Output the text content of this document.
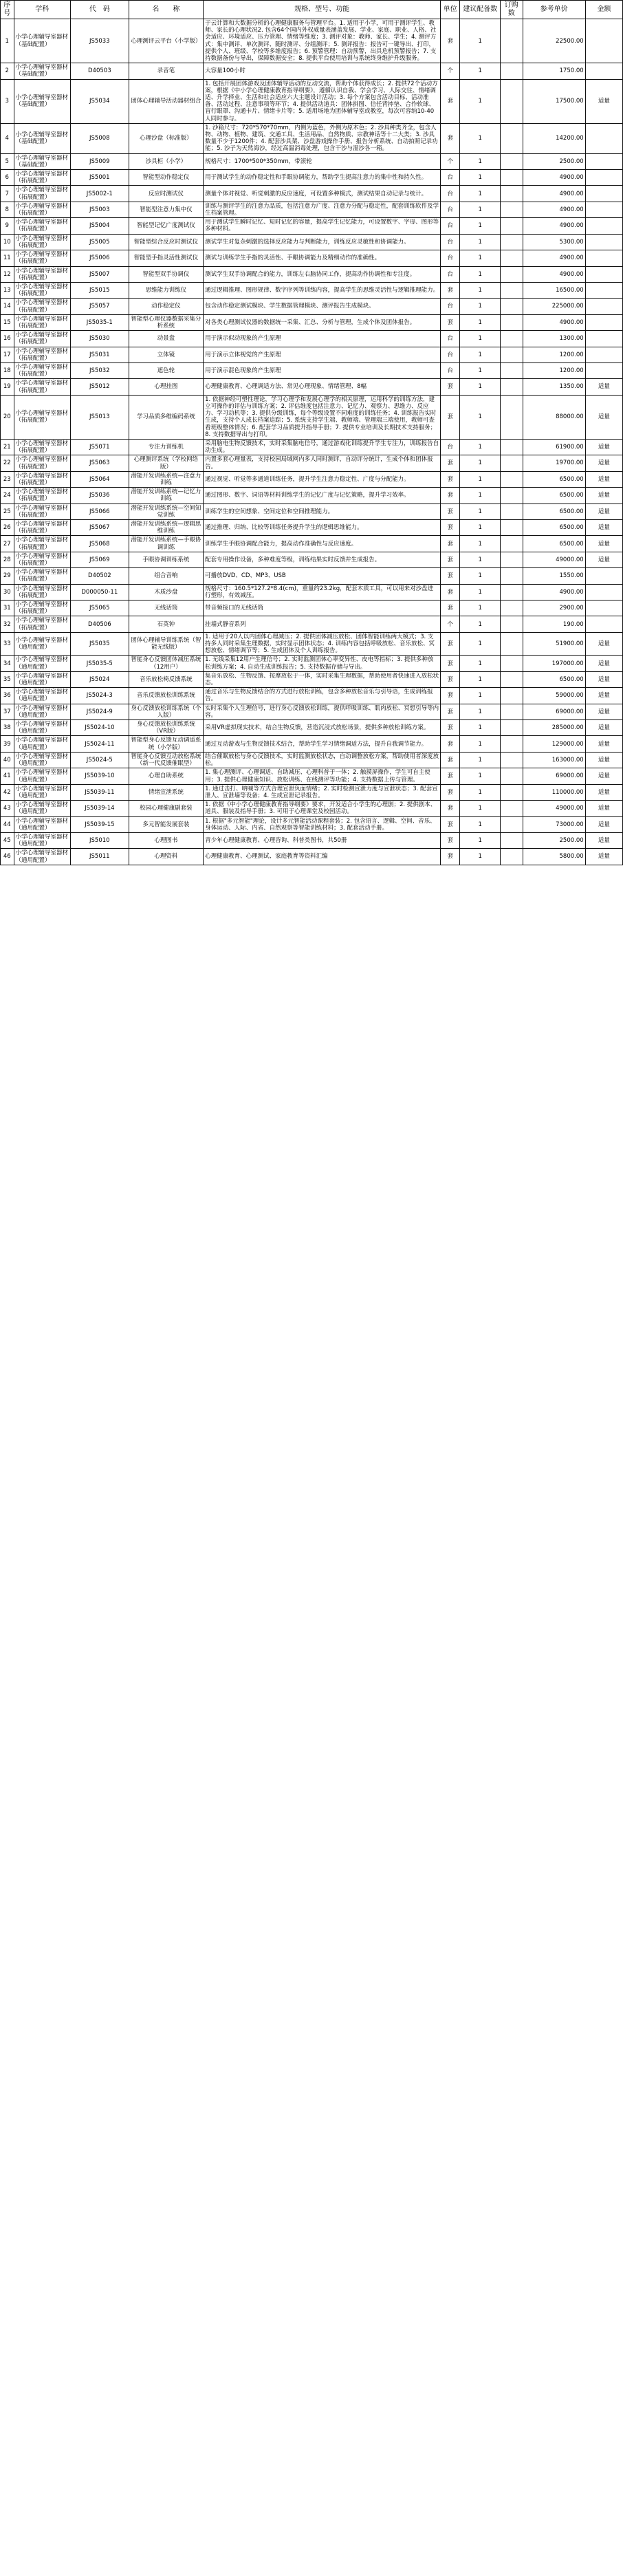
序号	学科	代　码	名　　称	规格、型号、功能	单位	建议配备数	订购数	参考单价	金额
1	小学心理辅导室器材（基础配置）	JS5033	心理测评云平台（小学版）	于云计算和大数据分析的心理健康服务与管理平台。1. 适用于小学，可用于测评学生、教师、家长的心理状况2. 包含64个国内外权威量表涵盖发展、学业、家庭、职业、人格、社会适应、环境适应、压力管理、情绪等维度；3. 测评对象：教师、家长、学生；4. 测评方式：集中测评、单次测评、随时测评、分组测评；5. 测评报告：报告可一键导出、打印，提供个人、班级、学校等多维度报告；6. 预警管理：自动预警，出具危机预警报告；7. 支持数据备份与导出，保障数据安全；8. 提供平台使用培训与系统终身维护升级服务。	套	1		22500.00	
2	小学心理辅导室器材（基础配置）	D40503	录音笔	大容量100小时	个	1		1750.00	
3	小学心理辅导室器材（基础配置）	JS5034	团体心理辅导活动器材组合	1. 包括开展团体游戏及团体辅导活动的互动交流，帮助个体获得成长；2. 提供72个活动方案，根据《中小学心理健康教育指导纲要》，遵循认识自我、学会学习、人际交往、情绪调适、升学择业、生活和社会适应六大主题设计活动；3. 每个方案包含活动目标、活动准备、活动过程、注意事项等环节；4. 提供活动道具：团体拼图、信任背摔垫、合作软球、盲行眼罩、沟通卡片、情绪卡片等；5. 适用场地为团体辅导室或教室，每次可容纳10-40人同时参与。	套	1		17500.00	适量
4	小学心理辅导室器材（基础配置）	JS5008	心理沙盘（标准版）	1. 沙箱尺寸：720*570*70mm，内侧为蓝色，外侧为原木色；2. 沙具种类齐全，包含人物、动物、植物、建筑、交通工具、生活用品、自然物质、宗教神话等十二大类；3. 沙具数量不少于1200件；4. 配套沙具架、沙盘游戏操作手册、报告分析系统、自动拍照记录功能；5. 沙子为天然海沙，经过高温消毒处理，包含干沙与湿沙各一箱。	套	1		14200.00	
5	小学心理辅导室器材（基础配置）	JS5009	沙具柜（小学）	规格尺寸：1700*500*350mm，带滚轮	个	1		2500.00	
6	小学心理辅导室器材（拓展配置）	JS5001	智能型动作稳定仪	用于测试学生的动作稳定性和手眼协调能力，帮助学生提高注意力的集中性和持久性。	台	1		4900.00	
7	小学心理辅导室器材（拓展配置）	JS5002-1	反应时测试仪	测量个体对视觉、听觉刺激的反应速度，可设置多种模式，测试结果自动记录与统计。	台	1		4900.00	
8	小学心理辅导室器材（拓展配置）	JS5003	智能型注意力集中仪	训练与测评学生的注意力品质，包括注意力广度、注意力分配与稳定性，配套训练软件及学生档案管理。	台	1		4900.00	
9	小学心理辅导室器材（拓展配置）	JS5004	智能型记忆广度测试仪	用于测试学生瞬时记忆、短时记忆的容量，提高学生记忆能力，可设置数字、字母、图形等多种材料。	台	1		4900.00	
10	小学心理辅导室器材（拓展配置）	JS5005	智能型综合反应时测试仪	测试学生对复杂刺激的选择反应能力与判断能力，训练反应灵敏性和协调能力。	台	1		5300.00	
11	小学心理辅导室器材（拓展配置）	JS5006	智能型手指灵活性测试仪	测试与训练学生手指的灵活性、手眼协调能力及精细动作的准确性。	台	1		4900.00	
12	小学心理辅导室器材（拓展配置）	JS5007	智能型双手协调仪	测试学生双手协调配合的能力，训练左右脑协同工作，提高动作协调性和专注度。	台	1		4900.00	
13	小学心理辅导室器材（拓展配置）	JS5015	思维能力训练仪	通过逻辑推理、图形规律、数字序列等训练内容，提高学生的思维灵活性与逻辑推理能力。	套	1		16500.00	
14	小学心理辅导室器材（拓展配置）	JS5057	动作稳定仪	包含动作稳定测试模块、学生数据管理模块、测评报告生成模块。	台	1		225000.00	
15	小学心理辅导室器材（拓展配置）	JS5035-1	智能型心理仪器数据采集分析系统	对各类心理测试仪器的数据统一采集、汇总、分析与管理，生成个体及团体报告。	套	1		4900.00	
16	小学心理辅导室器材（拓展配置）	JS5030	动景盘	用于演示似动现象的产生原理	台	1		1300.00	
17	小学心理辅导室器材（拓展配置）	JS5031	立体镜	用于演示立体视觉的产生原理	台	1		1200.00	
18	小学心理辅导室器材（拓展配置）	JS5032	遮色轮	用于演示混色现象的产生原理	台	1		1200.00	
19	小学心理辅导室器材（拓展配置）	JS5012	心理挂图	心理健康教育、心理调适方法、常见心理现象、情绪管理、8幅	套	1		1350.00	适量
20	小学心理辅导室器材（拓展配置）	JS5013	学习品质多维编码系统	1. 依据神经可塑性理论，学习心理学和发展心理学的相关原理，运用科学的训练方法，建立可操作的评估与训练方案；2. 评估维度包括注意力、记忆力、观察力、思维力、反应力、学习动机等；3. 提供分级训练，每个等级设置不同难度的训练任务；4. 训练报告实时生成，支持个人成长档案追踪；5. 系统支持学生端、教师端、管理端三端使用，教师可查看班级整体情况；6. 配套学习品质提升指导手册；7. 提供专业培训及长期技术支持服务；8. 支持数据导出与打印。	套	1		88000.00	适量
21	小学心理辅导室器材（拓展配置）	JS5071	专注力训练机	采用脑电生物反馈技术，实时采集脑电信号，通过游戏化训练提升学生专注力，训练报告自动生成。	台	1		61900.00	适量
22	小学心理辅导室器材（拓展配置）	JS5063	心理测评系统（学校网络版）	内置多套心理量表，支持校园局域网内多人同时测评，自动评分统计，生成个体和团体报告。	套	1		19700.00	适量
23	小学心理辅导室器材（拓展配置）	JS5064	潜能开发训练系统—注意力训练	通过视觉、听觉等多通道训练任务，提升学生注意力稳定性、广度与分配能力。	套	1		6500.00	适量
24	小学心理辅导室器材（拓展配置）	JS5036	潜能开发训练系统—记忆力训练	通过图形、数字、词语等材料训练学生的记忆广度与记忆策略，提升学习效率。	套	1		6500.00	适量
25	小学心理辅导室器材（拓展配置）	JS5066	潜能开发训练系统—空间知觉训练	训练学生的空间想象、空间定位和空间推理能力。	套	1		6500.00	适量
26	小学心理辅导室器材（拓展配置）	JS5067	潜能开发训练系统—逻辑思维训练	通过推理、归纳、比较等训练任务提升学生的逻辑思维能力。	套	1		6500.00	适量
27	小学心理辅导室器材（拓展配置）	JS5068	潜能开发训练系统—手眼协调训练	训练学生手眼协调配合能力，提高动作准确性与反应速度。	套	1		6500.00	适量
28	小学心理辅导室器材（拓展配置）	JS5069	手眼协调训练系统	配套专用操作设备，多种难度等级，训练结果实时反馈并生成报告。	套	1		49000.00	适量
29	小学心理辅导室器材（拓展配置）	D40502	组合音响	可播放DVD、CD、MP3、USB	套	1		1550.00	
30	小学心理辅导室器材（拓展配置）	D000050-11	木质沙盘	规格尺寸：160.5*127.2*8.4(cm)，重量约23.2kg，配套木质工具，可以用来对沙盘进行塑形，有效减压。	套	1		4900.00	
31	小学心理辅导室器材（拓展配置）	JS5065	无线话筒	带音频接口的无线话筒	套	1		2900.00	
32	小学心理辅导室器材（拓展配置）	D40506	石英钟	挂墙式静音系列	个	1		190.00	
33	小学心理辅导室器材（通用配置）	JS5035	团体心理辅导训练系统（智能无线版）	1. 适用于20人以内团体心理减压；2. 提供团体减压放松、团体智能训练两大模式；3. 支持多人同时采集生理数据，实时显示团体状态；4. 训练内容包括呼吸放松、音乐放松、冥想放松、情绪调节等；5. 生成团体及个人训练报告。	套	1		51900.00	适量
34	小学心理辅导室器材（通用配置）	JS5035-5	智能身心反馈团体减压系统（12用户）	1. 无线采集12用户生理信号；2. 实时监测团体心率变异性、皮电等指标；3. 提供多种放松训练方案；4. 自动生成训练报告；5. 支持数据存储与导出。	套	1		197000.00	适量
35	小学心理辅导室器材（通用配置）	JS5024	音乐放松椅反馈系统	集音乐放松、生物反馈、按摩放松于一体，实时采集生理数据，帮助使用者快速进入放松状态。	套	1		6500.00	适量
36	小学心理辅导室器材（通用配置）	JS5024-3	音乐反馈放松训练系统	通过音乐与生物反馈结合的方式进行放松训练，包含多种放松音乐与引导语，生成训练报告。	套	1		59000.00	适量
37	小学心理辅导室器材（通用配置）	JS5024-9	身心反馈放松训练系统（个人版）	实时采集个人生理信号，进行身心反馈放松训练，提供呼吸训练、肌肉放松、冥想引导等内容。	套	1		69000.00	适量
38	小学心理辅导室器材（通用配置）	JS5024-10	身心反馈放松训练系统（VR版）	采用VR虚拟现实技术，结合生物反馈，营造沉浸式放松场景，提供多种放松训练方案。	套	1		285000.00	适量
39	小学心理辅导室器材（通用配置）	JS5024-11	智能型身心反馈互动调适系统（小学版）	通过互动游戏与生物反馈技术结合，帮助学生学习情绪调适方法，提升自我调节能力。	套	1		129000.00	适量
40	小学心理辅导室器材（通用配置）	JS5024-5	智能身心反馈互动放松系统（新一代反馈催眠型）	结合催眠放松与身心反馈技术，实时监测放松状态，自动调整放松方案，帮助使用者深度放松。	套	1		163000.00	适量
41	小学心理辅导室器材（通用配置）	JS5039-10	心理自助系统	1. 集心理测评、心理调适、自助减压、心理科普于一体；2. 触摸屏操作，学生可自主使用；3. 提供心理健康知识、放松训练、在线测评等功能；4. 支持数据上传与管理。	套	1		69000.00	适量
42	小学心理辅导室器材（通用配置）	JS5039-11	情绪宣泄系统	1. 通过击打、呐喊等方式合理宣泄负面情绪；2. 实时检测宣泄力度与宣泄状态；3. 配套宣泄人、宣泄墙等设备；4. 生成宣泄记录报告。	套	1		110000.00	适量
43	小学心理辅导室器材（通用配置）	JS5039-14	校园心理健康剧套装	1. 依据《中小学心理健康教育指导纲要》要求，开发适合小学生的心理剧；2. 提供剧本、道具、服装及指导手册；3. 可用于心理课堂及校园活动。	套	1		49000.00	适量
44	小学心理辅导室器材（通用配置）	JS5039-15	多元智能发展套装	1. 根据"多元智能"理论，设计多元智能活动课程套装；2. 包含语言、逻辑、空间、音乐、身体运动、人际、内省、自然观察等智能训练材料；3. 配套活动手册。	套	1		73000.00	适量
45	小学心理辅导室器材（通用配置）	JS5010	心理图书	青少年心理健康教育、心理咨询、科普类图书，共50册	套	1		2500.00	适量
46	小学心理辅导室器材（通用配置）	JS5011	心理资料	心理健康教育、心理测试、家庭教育等资料汇编	套	1		5800.00	适量
